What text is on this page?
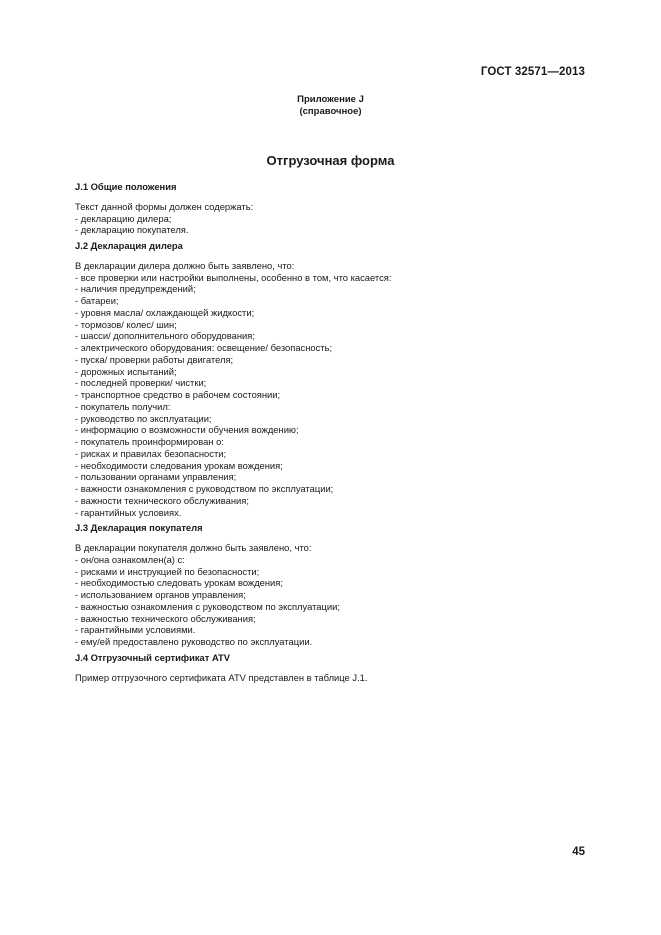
ГОСТ 32571—2013
Приложение J
(справочное)
Отгрузочная форма
J.1 Общие положения
Текст данной формы должен содержать:
- декларацию дилера;
- декларацию покупателя.
J.2 Декларация дилера
В декларации дилера должно быть заявлено, что:
- все проверки или настройки выполнены, особенно в том, что касается:
- наличия предупреждений;
- батареи;
- уровня масла/ охлаждающей жидкости;
- тормозов/ колес/ шин;
- шасси/ дополнительного оборудования;
- электрического оборудования: освещение/ безопасность;
- пуска/ проверки работы двигателя;
- дорожных испытаний;
- последней проверки/ чистки;
- транспортное средство в рабочем состоянии;
- покупатель получил:
- руководство по эксплуатации;
- информацию о возможности обучения вождению;
- покупатель проинформирован о:
- рисках и правилах безопасности;
- необходимости следования урокам вождения;
- пользовании органами управления;
- важности ознакомления с руководством по эксплуатации;
- важности технического обслуживания;
- гарантийных условиях.
J.3 Декларация покупателя
В декларации покупателя должно быть заявлено, что:
- он/она ознакомлен(а) с:
- рисками и инструкцией по безопасности;
- необходимостью следовать урокам вождения;
- использованием органов управления;
- важностью ознакомления с руководством по эксплуатации;
- важностью технического обслуживания;
- гарантийными условиями.
- ему/ей предоставлено руководство по эксплуатации.
J.4 Отгрузочный сертификат ATV
Пример отгрузочного сертификата ATV представлен в таблице J.1.
45
